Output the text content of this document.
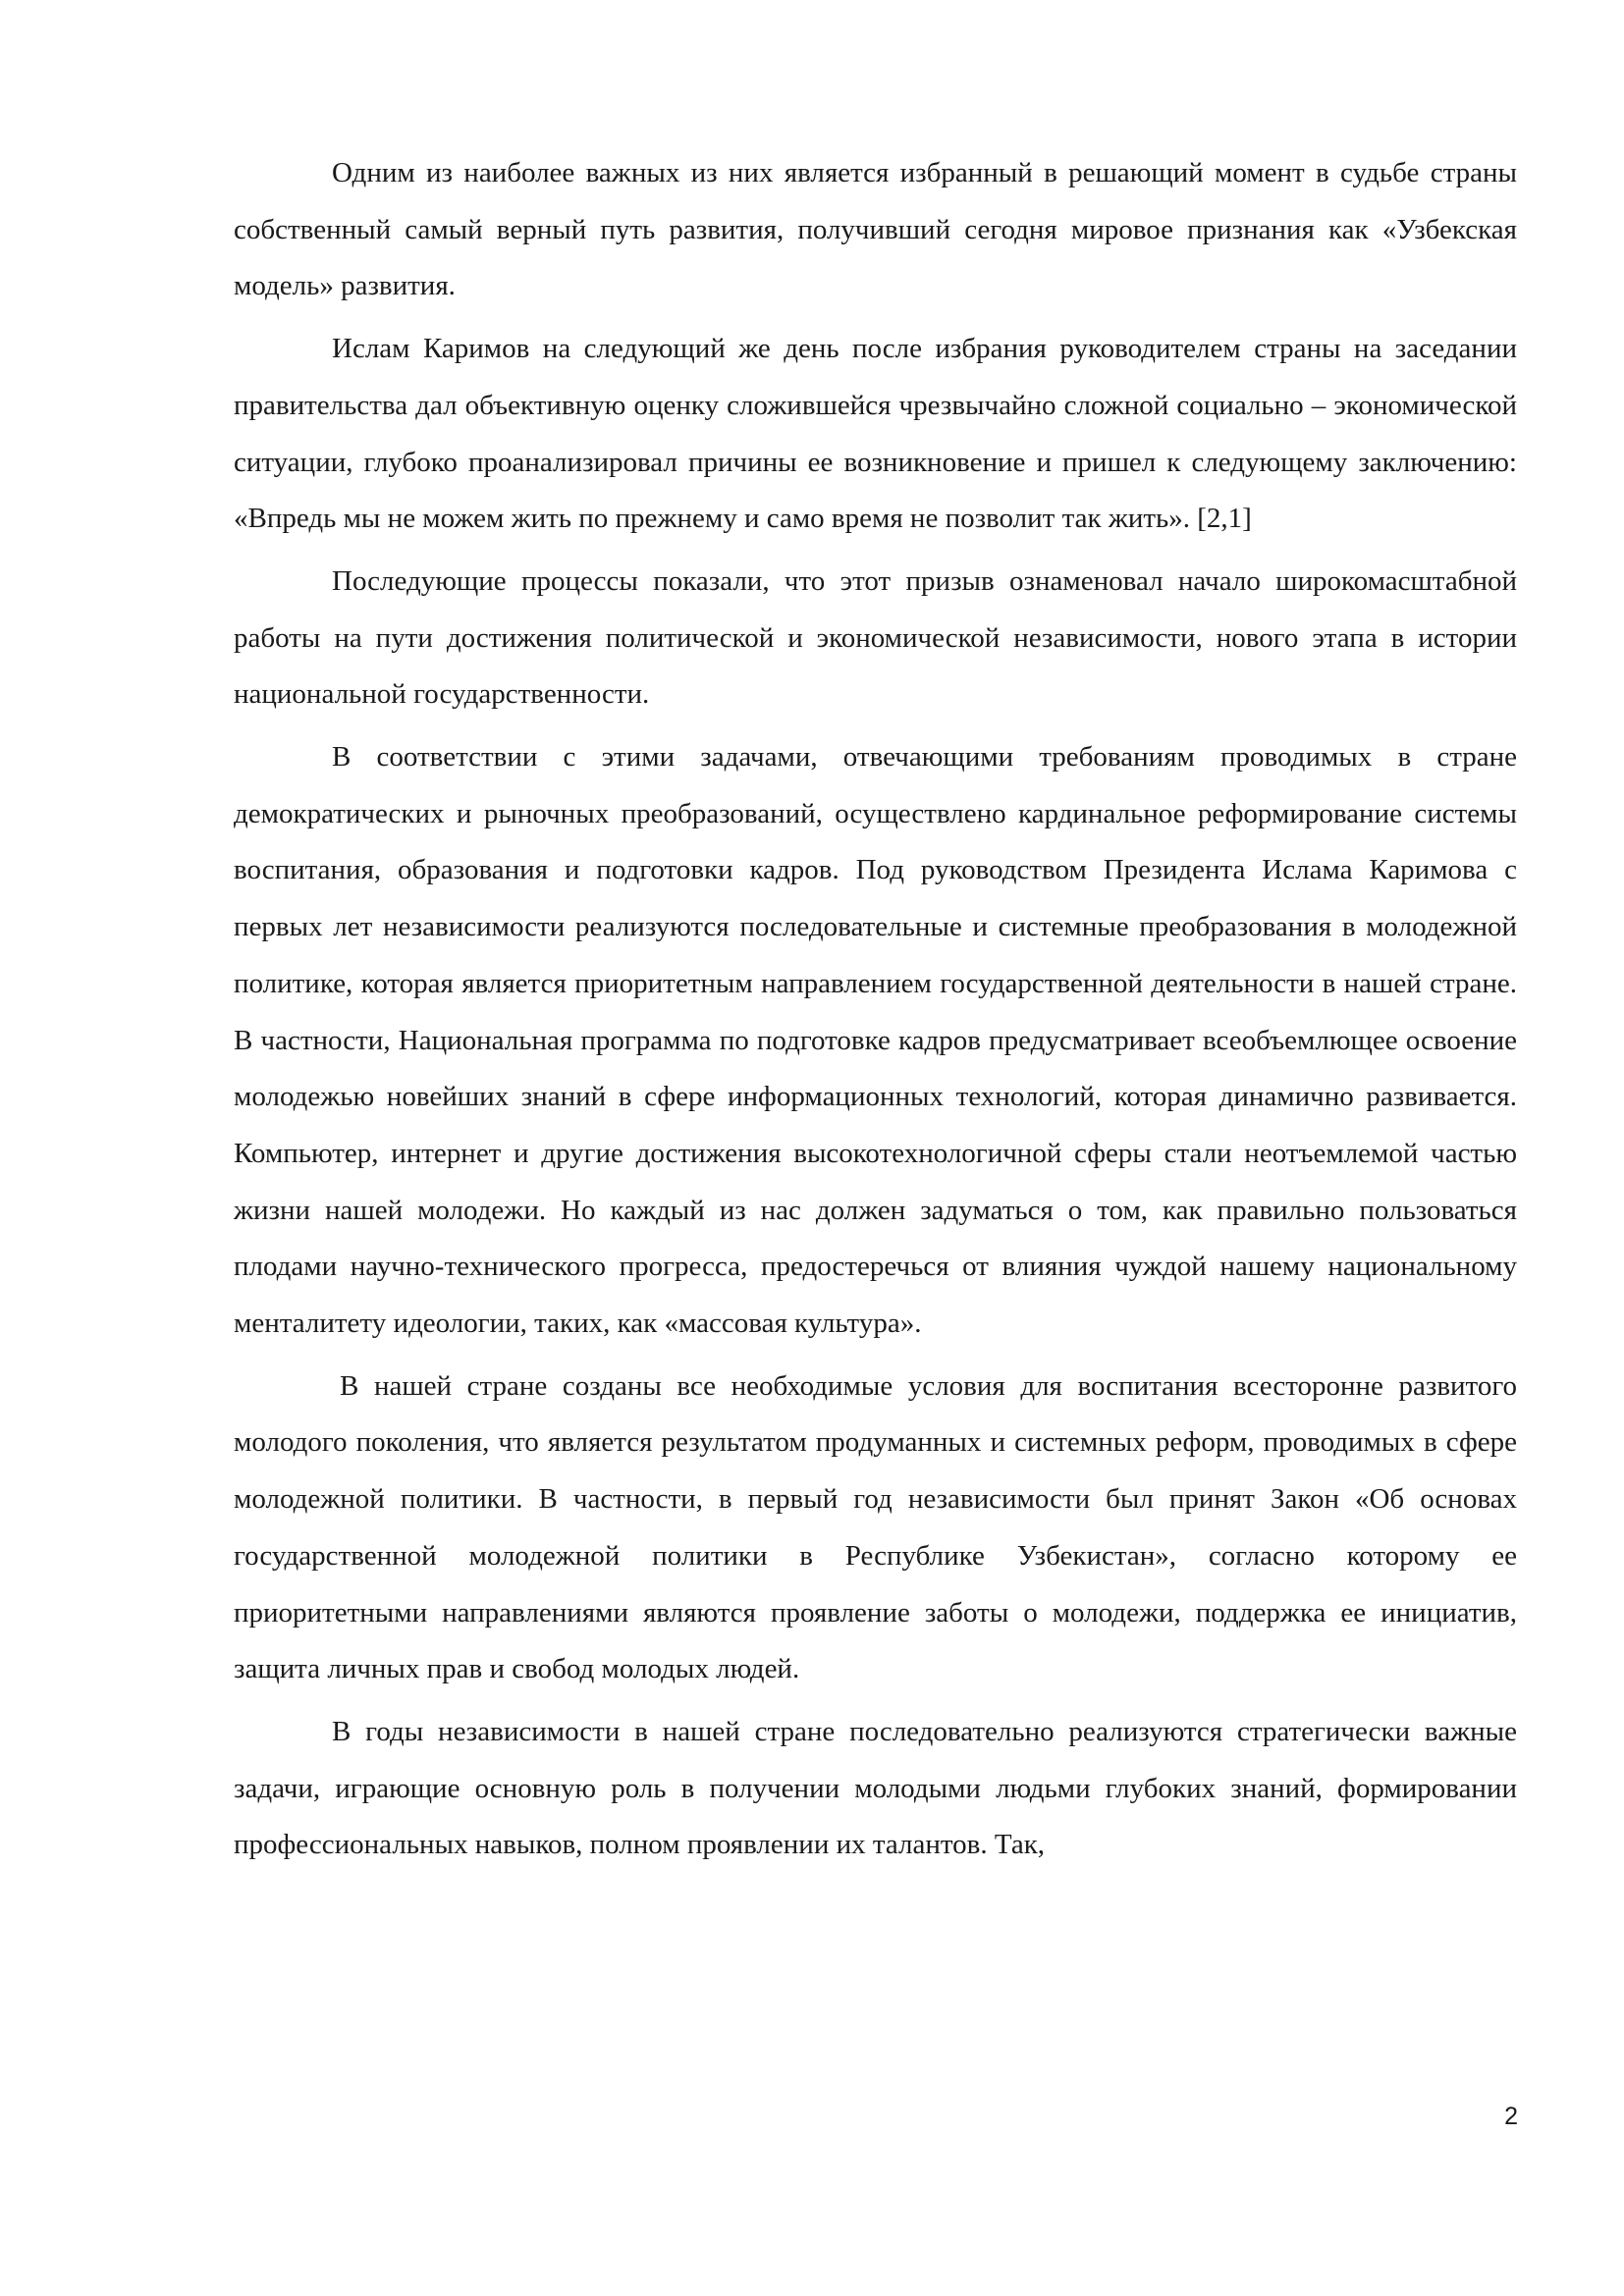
Одним из наиболее важных из них является избранный в решающий момент в судьбе страны собственный самый верный путь развития, получивший сегодня мировое признания как «Узбекская модель» развития.

Ислам Каримов на следующий же день после избрания руководителем страны на заседании правительства дал объективную оценку сложившейся чрезвычайно сложной социально – экономической ситуации, глубоко проанализировал причины ее возникновение и пришел к следующему заключению: «Впредь мы не можем жить по прежнему и само время не позволит так жить». [2,1]

Последующие процессы показали, что этот призыв ознаменовал начало широкомасштабной работы на пути достижения политической и экономической независимости, нового этапа в истории национальной государственности.

В соответствии с этими задачами, отвечающими требованиям проводимых в стране демократических и рыночных преобразований, осуществлено кардинальное реформирование системы воспитания, образования и подготовки кадров. Под руководством Президента Ислама Каримова с первых лет независимости реализуются последовательные и системные преобразования в молодежной политике, которая является приоритетным направлением государственной деятельности в нашей стране. В частности, Национальная программа по подготовке кадров предусматривает всеобъемлющее освоение молодежью новейших знаний в сфере информационных технологий, которая динамично развивается. Компьютер, интернет и другие достижения высокотехнологичной сферы стали неотъемлемой частью жизни нашей молодежи. Но каждый из нас должен задуматься о том, как правильно пользоваться плодами научно-технического прогресса, предостеречься от влияния чуждой нашему национальному менталитету идеологии, таких, как «массовая культура».

В нашей стране созданы все необходимые условия для воспитания всесторонне развитого молодого поколения, что является результатом продуманных и системных реформ, проводимых в сфере молодежной политики. В частности, в первый год независимости был принят Закон «Об основах государственной молодежной политики в Республике Узбекистан», согласно которому ее приоритетными направлениями являются проявление заботы о молодежи, поддержка ее инициатив, защита личных прав и свобод молодых людей.

В годы независимости в нашей стране последовательно реализуются стратегически важные задачи, играющие основную роль в получении молодыми людьми глубоких знаний, формировании профессиональных навыков, полном проявлении их талантов. Так,

2
